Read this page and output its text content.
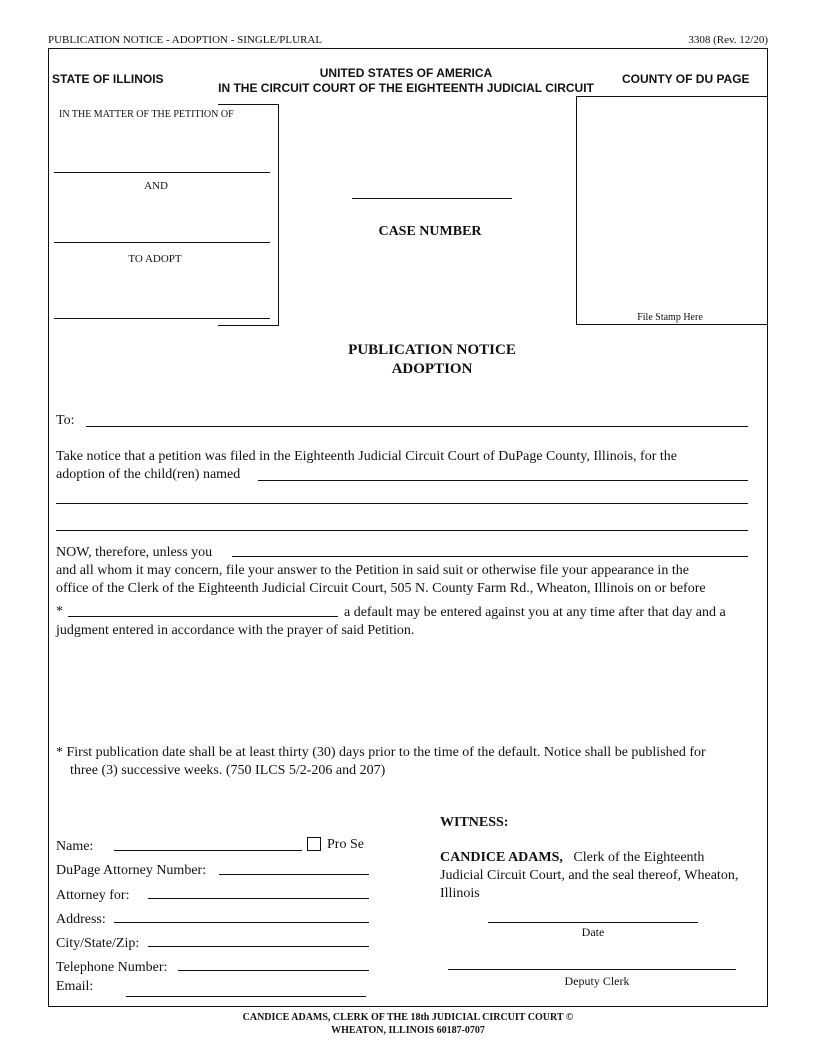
PUBLICATION NOTICE - ADOPTION - SINGLE/PLURAL	3308 (Rev. 12/20)
STATE OF ILLINOIS	UNITED STATES OF AMERICA
IN THE CIRCUIT COURT OF THE EIGHTEENTH JUDICIAL CIRCUIT
COUNTY OF DU PAGE
IN THE MATTER OF THE PETITION OF
AND
TO ADOPT
CASE NUMBER
File Stamp Here
PUBLICATION NOTICE
ADOPTION
To:
Take notice that a petition was filed in the Eighteenth Judicial Circuit Court of DuPage County, Illinois, for the
adoption of the child(ren) named
NOW, therefore, unless you
and all whom it may concern, file your answer to the Petition in said suit or otherwise file your appearance in the
office of the Clerk of the Eighteenth Judicial Circuit Court, 505 N. County Farm Rd., Wheaton, Illinois on or before
*	a default may be entered against you at any time after that day and a
judgment entered in accordance with the prayer of said Petition.
* First publication date shall be at least thirty (30) days prior to the time of the default. Notice shall be published for
three (3) successive weeks. (750 ILCS 5/2-206 and 207)
Name:	Pro Se
DuPage Attorney Number:
Attorney for:
Address:
City/State/Zip:
Telephone Number:
Email:
WITNESS:
CANDICE ADAMS, Clerk of the Eighteenth
Judicial Circuit Court, and the seal thereof, Wheaton,
Illinois
Date
Deputy Clerk
CANDICE ADAMS, CLERK OF THE 18th JUDICIAL CIRCUIT COURT ©
WHEATON, ILLINOIS 60187-0707
